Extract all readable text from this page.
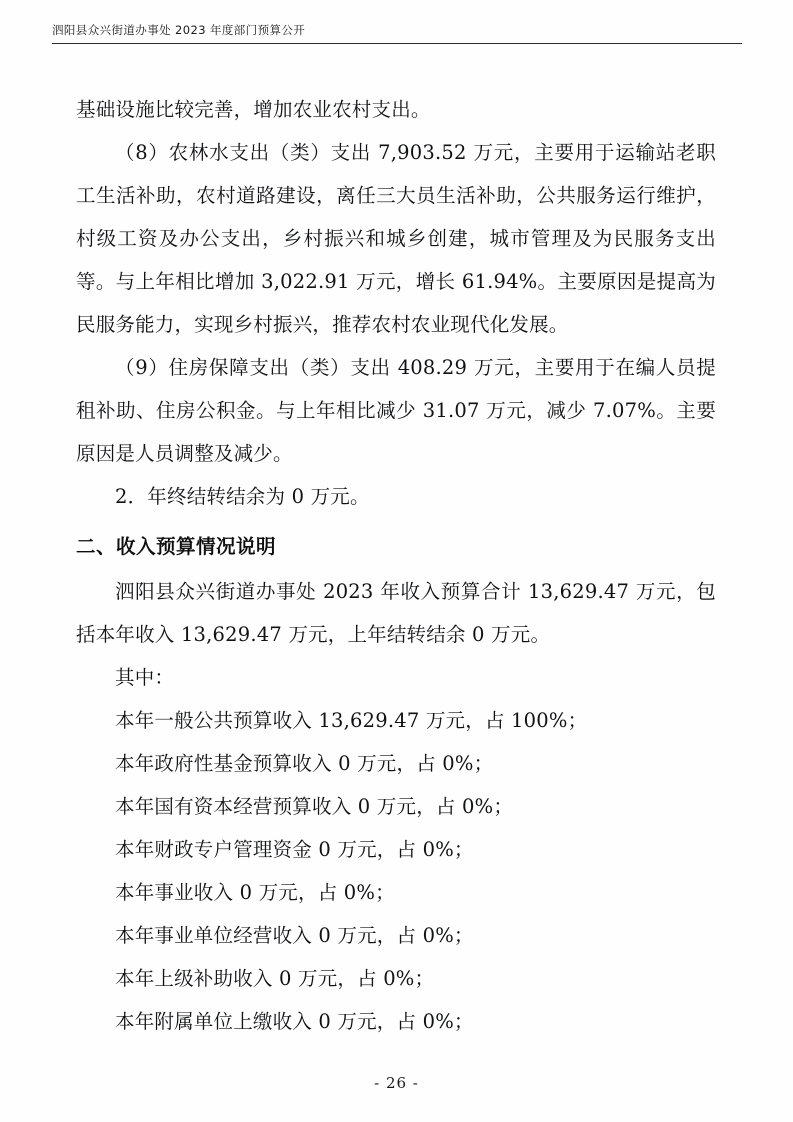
泗阳县众兴街道办事处 2023 年度部门预算公开

基础设施比较完善，增加农业农村支出。

（8）农林水支出（类）支出 7,903.52 万元，主要用于运输站老职工生活补助，农村道路建设，离任三大员生活补助，公共服务运行维护，村级工资及办公支出，乡村振兴和城乡创建，城市管理及为民服务支出等。与上年相比增加 3,022.91 万元，增长 61.94%。主要原因是提高为民服务能力，实现乡村振兴，推荐农村农业现代化发展。

（9）住房保障支出（类）支出 408.29 万元，主要用于在编人员提租补助、住房公积金。与上年相比减少 31.07 万元，减少 7.07%。主要原因是人员调整及减少。

2．年终结转结余为 0 万元。

二、收入预算情况说明

泗阳县众兴街道办事处 2023 年收入预算合计 13,629.47 万元，包括本年收入 13,629.47 万元，上年结转结余 0 万元。

其中：

本年一般公共预算收入 13,629.47 万元，占 100%；

本年政府性基金预算收入 0 万元，占 0%；

本年国有资本经营预算收入 0 万元，占 0%；

本年财政专户管理资金 0 万元，占 0%；

本年事业收入 0 万元，占 0%；

本年事业单位经营收入 0 万元，占 0%；

本年上级补助收入 0 万元，占 0%；

本年附属单位上缴收入 0 万元，占 0%；

- 26 -
